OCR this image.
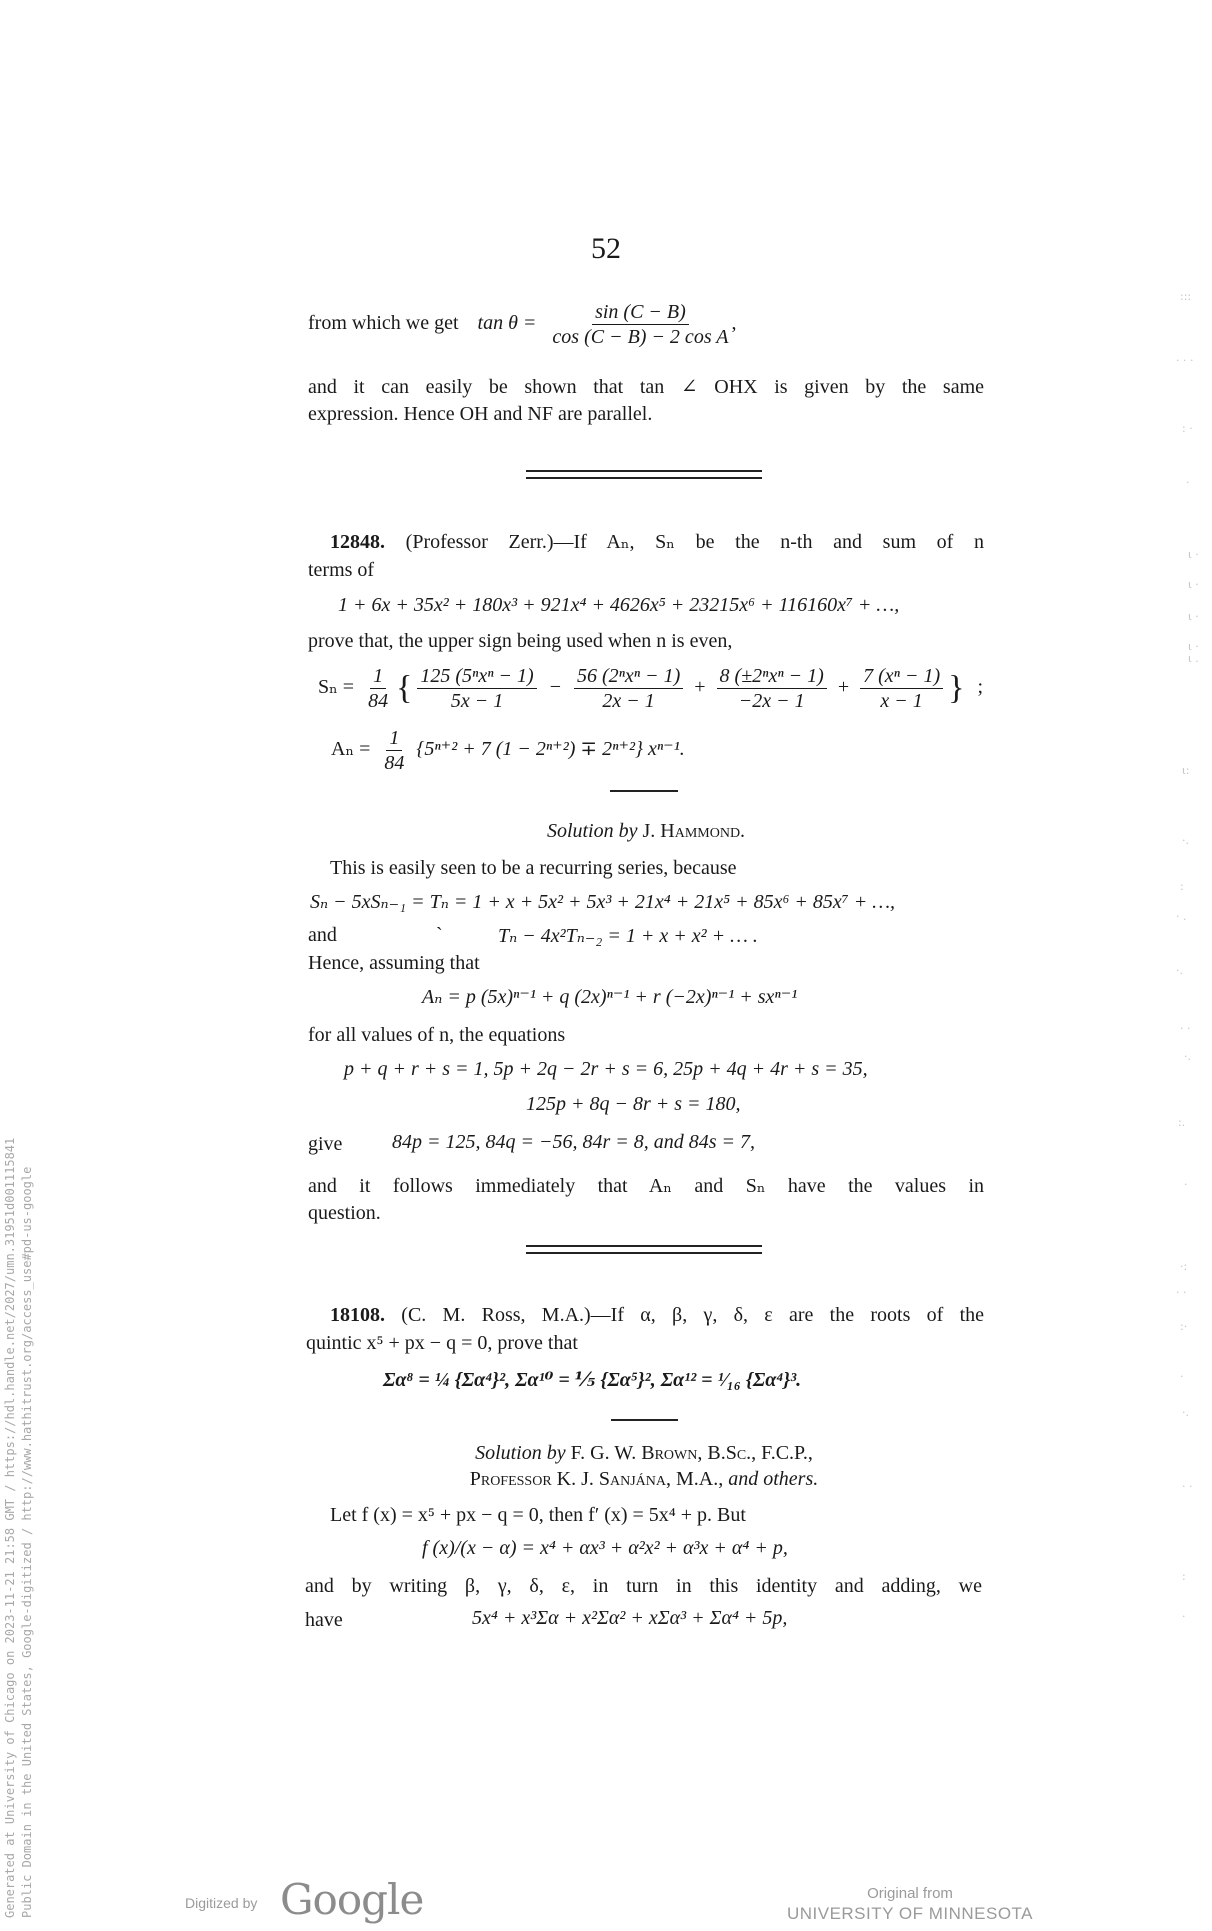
52
from which we get $\tan \theta = \frac{\sin (C - B)}{\text{cos (C − B) − 2 cos A}}$ ,
and it can easily be shown that tan ∠ OHX is given by the same
expression. Hence OH and NF are parallel.
12848. (Professor Zerr.)—If Aₙ, Sₙ be the n-th and sum of n
terms of
1 + 6x + 35x² + 180x³ + 921x⁴ + 4626x⁵ + 23215x⁶ + 116160x⁷ + …,
prove that, the upper sign being used when n is even,
$S_n = \frac{1}{84}$ { $\frac{\text{125 (5ⁿxⁿ − 1)}}{5x - 1} - \frac{\text{56 (2ⁿxⁿ − 1)}}{2x - 1} + \frac{\text{8 (±2ⁿxⁿ − 1)}}{-2x - 1} + \frac{\text{7 (xⁿ − 1)}}{x - 1}$ } ;
$A_n = \frac{1}{84} \{5^{n+2} + 7$ (1 − 2ⁿ⁺²) ∓ 2ⁿ⁺²} xⁿ⁻¹.
Solution by J. Hammond.
This is easily seen to be a recurring series, because
Sₙ − 5xSₙ₋₁ = Tₙ = 1 + x + 5x² + 5x³ + 21x⁴ + 21x⁵ + 85x⁶ + 85x⁷ + …,
and	`	Tₙ − 4x²Tₙ₋₂ = 1 + x + x² + … .
Hence, assuming that
Aₙ = p (5x)ⁿ⁻¹ + q (2x)ⁿ⁻¹ + r (−2x)ⁿ⁻¹ + sxⁿ⁻¹
for all values of n, the equations
p + q + r + s = 1, 5p + 2q − 2r + s = 6, 25p + 4q + 4r + s = 35,
125p + 8q − 8r + s = 180,
give 84p = 125, 84q = −56, 84r = 8, and 84s = 7,
and it follows immediately that Aₙ and Sₙ have the values in
question.
18108. (C. M. Ross, M.A.)—If α, β, γ, δ, ε are the roots of the
quintic x⁵ + px − q = 0, prove that
Σα⁸ = ¼ {Σα⁴}², Σα¹⁰ = ⅕ {Σα⁵}², Σα¹² = ¹⁄₁₆ {Σα⁴}³.
Solution by F. G. W. Brown, B.Sc., F.C.P.,
Professor K. J. Sanjána, M.A., and others.
Let f (x) = x⁵ + px − q = 0, then f′ (x) = 5x⁴ + p. But
f (x)/(x − α) = x⁴ + αx³ + α²x² + α³x + α⁴ + p,
and by writing β, γ, δ, ε, in turn in this identity and adding, we
have	5x⁴ + x³Σα + x²Σα² + xΣα³ + Σα⁴ + 5p,
Generated at University of Chicago on 2023-11-21 21:58 GMT / https://hdl.handle.net/2027/umn.31951d001115841 Public Domain in the United States, Google-digitized / http://www.hathitrust.org/access_use#pd-us-google
:::
· · ·
: ·
·
ι ·
ι ·
ι ·
ι ·
ι .
ι:
·.
:
· .
·.
· ·
·.
:.
·
·:
· ·
:·
·
·.
· ·
:
·
Digitized by Google	Original from
UNIVERSITY OF MINNESOTA
